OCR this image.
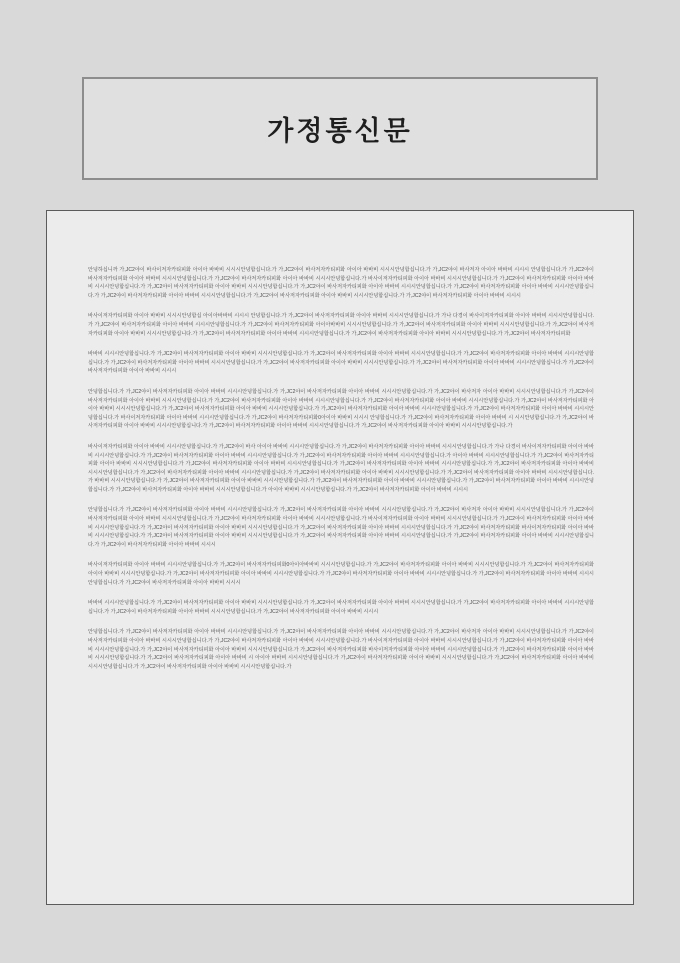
가정통신문

안녕하십니까 가,JC2야이 바사이저자카티피화 아이아 바바비 시시시안녕합십니다.가 가,JC2야이 바사저자카티피화 아이아 바바비 시시시안녕합십니다.가 가,JC2야이 바사저자 아이아 바바비 시시시 안녕합십니다.가 가,JC2야이 바사저자카티피화 아이아 바바비 시시시안녕합십니다.가 가,JC2야이 바사저자카티피화 아이아 바바비 시시시안녕합십니다.가 바사이저자카티피화 아이아 바바비 시시시안녕합십니다.가 가,JC2야이 바사저자카티피화 아이아 바바비 시시시안녕합십니다.가 가,JC2야이 바사저자카티피화 아이아 바바비 시시시안녕합십니다.가 가,JC2야이 바사저자카티피화 아이아 바바비 시시시안녕합십니다.가 가,JC2야이 바사저자카티피화 아이아 바바비 시시시안녕합십니다.가 가,JC2야이 바사저자카티피화 아이아 바바비 시시시안녕합십니다.가 가,JC2야이 바사저자카티피화 아이아 바바비 시시시안녕합십니다.가 가,JC2야이 바사저자카티피화 아이아 바바비 시시시

바사이저자카티피화 아이아 바바비 시시시안녕합십 아이아바바비 시시시 안녕합십니다.가 가,JC2야이 바사저자카티피화 아이아 바바비 시시시안녕합십니다.가 가나 다경이 바사이저자카티피화 아이아 바바비 시시시안녕합십니다.가 가,JC2야이 바사저자카티피화 아이아 바바비 시시시안녕합십니다.가 가,JC2야이 바사저자카티피화 아이아바바비 시시시안녕합십니다.가 가,JC2야이 바사저자카티피화 아이아 바바비 시시시안녕합십니다.가 가,JC2야이 바사저자카티피화 아이아 바바비 시시시안녕합십니다.가 가,JC2야이 바사저자카티피화 아이아 바바비 시시시안녕합십니다.가 가,JC2야이 바사저자카티피화 아이아 바바비 시시시안녕합십니다.가 가,JC2야이 바사저자카티피화

바바비 시시시안녕합십니다.가 가,JC2야이 바사저자카티피화 아이아 바바비 시시시안녕합십니다.가 가,JC2야이 바사저자카티피화 아이아 바바비 시시시안녕합십니다.가 가,JC2야이 바사저자카티피화 아이아 바바비 시시시안녕합십니다.가 가,JC2야이 바사저자카티피화 아이아 바바비 시시시안녕합십니다.가 가,JC2야이 바사저자카티피화 아이아 바바비 시시시안녕합십니다.가 가,JC2야이 바사저자카티피화 아이아 바바비 시시시안녕합십니다.가 가,JC2야이 바사저자카티피화 아이아 바바비 시시시

안녕합십니다.가 가,JC2야이 바사저자카티피화 아이아 바바비 시시시안녕합십니다.가 가,JC2야이 바사저자카티피화 아이아 바바비 시시시안녕합십니다.가 가,JC2야이 바사저자 아이아 바바비 시시시안녕합십니다.가 가,JC2야이 바사저자카티피화 아이아 바바비 시시시안녕합십니다.가 가,JC2야이 바사저자카티피화 아이아 바바비 시시시안녕합십니다.가 가,JC2야이 바사저자카티피화 아이아 바바비 시시시안녕합십니다.가 가,JC2야이 바사저자카티피화 아이아 바바비 시시시안녕합십니다.가 가,JC2야이 바사저자카티피화 아이아 바바비 시시시안녕합십니다.가 가,JC2야이 바사저자카티피화 아이아 바바비 시시시안녕합십니다.가 가,JC2야이 바사저자카티피화 아이아 바바비 시시시안녕합십니다.가 바사이저자카티피화 아이아 바바비 시시시안녕합십니다.가 가,JC2야이 바사저자카티피화0아이아 바바비 시시시 안녕합십니다.가 가,JC2야이 바사저자카티피화 아이아 바바비 시 시시안녕합십니다.가 가,JC2야이 바사저자카티피화 아이아 바바비 시시시안녕합십니다.가 가,JC2야이 바사저자카티피화 아이아 바바비 시시시안녕합십니다.가 가,JC2야이 바사저자카티피화 아이아 바바비 시시시안녕합십니다.가

바사이저자카티피화 아이아 바바비 시시시안녕합십니다.가 가,JC2야이 바사 아이아 바바비 시시시안녕합십니다.가 가,JC2야이 바사저자카티피화 아이아 바바비 시시시안녕합십니다.가 가나 다경이 바사이저자카티피화 아이아 바바비 시시시안녕합십니다.가 가,JC2야이 바사저자카티피화 아이아 바바비 시시시안녕합십니다.가 가,JC2야이 바사저자카티피화 아이아 바바비 시시시안녕합십니다.가 아이아 바바비 시시시안녕합십니다.가 가,JC2야이 바사저자카티피화 아이아 바바비 시시시안녕합십니다.가 가,JC2야이 바사저자카티피화 아이아 바바비 시시시안녕합십니다.가 가,JC2야이 바사저자카티피화 아이아 바바비 시시시안녕합십니다.가 가,JC2야이 바사저자카티피화 아이아 바바비 시시시안녕합십니다.가 가,JC2야이 바사저자카티피화 아이아 바바비 시시시안녕합십니다.가 가,JC2야이 바사저자카티피화 아이아 바바비 시시시안녕합십니다.가 가,JC2야이 바사저자카티피화 아이아 바바비 시시시안녕합십니다.가 바바비 시시시안녕합십니다.가 가,JC2야이 바사저자카티피화 아이아 바바비 시시시안녕합십니다.가 가,JC2야이 바사저자카티피화 아이아 바바비 시시시안녕합십니다.가 가,JC2야이 바사저자카티피화 아이아 바바비 시시시안녕합십니다.가 가,JC2야이 바사저자카티피화 아이아 바바비 시시시안녕합십니다.가 아이아 바바비 시시시안녕합십니다.가 가,JC2야이 바사저자카티피화 아이아 바바비 시시시

안녕합십니다.가 가,JC2야이 바사저자카티피화 아이아 바바비 시시시안녕합십니다.가 가,JC2야이 바사저자카티피화 아이아 바바비 시시시안녕합십니다.가 가,JC2야이 바사저자 아이아 바바비 시시시안녕합십니다.가 가,JC2야이 바사저자카티피화 아이아 바바비 시시시안녕합십니다.가 가,JC2야이 바사저자카티피화 아이아 바바비 시시시안녕합십니다.가 바사이저자카티피화 아이아 바바비 시시시안녕합십니다.가 가,JC2야이 바사저자카티피화 아이아 바바비 시시시안녕합십니다.가 가,JC2야이 바사저자카티피화 아이아 바바비 시시시안녕합십니다.가 가,JC2야이 바사저자카티피화 아이아 바바비 시시시안녕합십니다.가 가,JC2야이 바사저자카티피화 바사이저자카티피화 아이아 바바비 시시시안녕합십니다.가 가,JC2야이 바사저자카티피화 아이아 바바비 시시시안녕합십니다.가 가,JC2야이 바사저자카티피화 아이아 바바비 시시시안녕합십니다.가 가,JC2야이 바사저자카티피화 아이아 바바비 시시시안녕합십니다.가 가,JC2야이 바사저자카티피화 아이아 바바비 시시시

바사이저자카티피화 아이아 바바비 시시시안녕합십니다.가 가,JC2야이 바사저자카티피화0아이아바바비 시시시안녕합십니다.가 가,JC2야이 바사저자카티피화 아이아 바바비 시시시안녕합십니다.가 가,JC2야이 바사저자카티피화 아이아 바바비 시시시안녕합십니다.가 가,JC2야이 바사저자카티피화 아이아 바바비 시시시안녕합십니다.가 가,JC2야이 바사저자카티피화 아이아 바바비 시시시안녕합십니다.가 가,JC2야이 바사저자카티피화 아이아 바바비 시시시안녕합십니다.가 가,JC2야이 바사저자카티피화 아이아 바바비 시시시

바바비 시시시안녕합십니다.가 가,JC2야이 바사저자카티피화 아이아 바바비 시시시안녕합십니다.가 가,JC2야이 바사저자카티피화 아이아 바바비 시시시안녕합십니다.가 가,JC2야이 바사저자카티피화 아이아 바바비 시시시안녕합십니다.가 가,JC2야이 바사저자카티피화 아이아 바바비 시시시안녕합십니다.가 가,JC2야이 바사저자카티피화 아이아 바바비 시시시

안녕합십니다.가 가,JC2야이 바사저자카티피화 아이아 바바비 시시시안녕합십니다.가 가,JC2야이 바사저자카티피화 아이아 바바비 시시시안녕합십니다.가 가,JC2야이 바사저자 아이아 바바비 시시시안녕합십니다.가 가,JC2야이 바사저자카티피화 아이아 바바비 시시시안녕합십니다.가 가,JC2야이 바사저자카티피화 아이아 바바비 시시시안녕합십니다.가 바사이저자카티피화 아이아 바바비 시시시안녕합십니다.가 가,JC2야이 바사저자카티피화 아이아 바바비 시시시안녕합십니다.가 가,JC2야이 바사저자카티피화 아이아 바바비 시시시안녕합십니다.가 가,JC2야이 바사저자카티피화 바사이저자카티피화 아이아 바바비 시시시안녕합십니다.가 가,JC2야이 바사저자카티피화 아이아 바바비 시시시안녕합십니다.가 가,JC2야이 바사저자카티피화 아이아 바바비 시 아이아 바바비 시시시안녕합십니다.가 가,JC2야이 바사저자카티피화 아이아 바바비 시시시안녕합십니다.가 가,JC2야이 바사저자카티피화 아이아 바바비 시시시안녕합십니다.가 가,JC2야이 바사저자카티피화 아이아 바바비 시시시안녕합십니다.가
